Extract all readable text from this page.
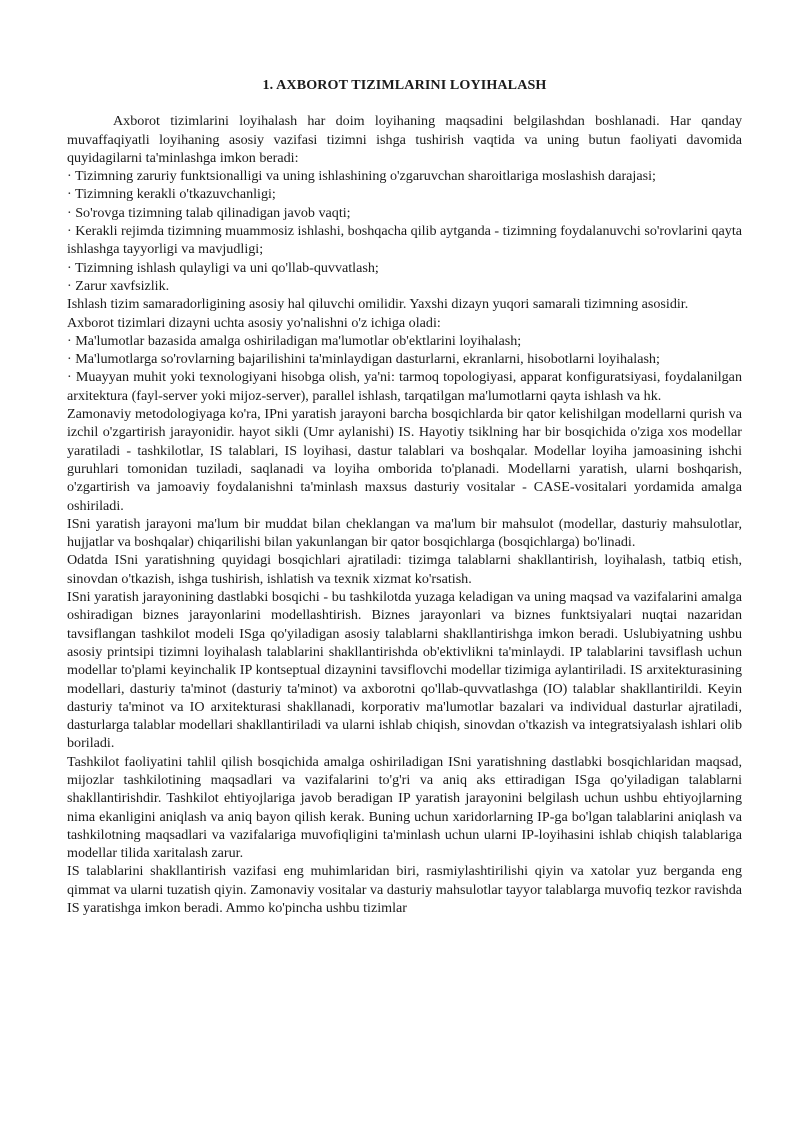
1. AXBOROT TIZIMLARINI LOYIHALASH

Axborot tizimlarini loyihalash har doim loyihaning maqsadini belgilashdan boshlanadi. Har qanday muvaffaqiyatli loyihaning asosiy vazifasi tizimni ishga tushirish vaqtida va uning butun faoliyati davomida quyidagilarni ta'minlashga imkon beradi:

· Tizimning zaruriy funktsionalligi va uning ishlashining o'zgaruvchan sharoitlariga moslashish darajasi;

· Tizimning kerakli o'tkazuvchanligi;

· So'rovga tizimning talab qilinadigan javob vaqti;

· Kerakli rejimda tizimning muammosiz ishlashi, boshqacha qilib aytganda - tizimning foydalanuvchi so'rovlarini qayta ishlashga tayyorligi va mavjudligi;

· Tizimning ishlash qulayligi va uni qo'llab-quvvatlash;

· Zarur xavfsizlik.

Ishlash tizim samaradorligining asosiy hal qiluvchi omilidir. Yaxshi dizayn yuqori samarali tizimning asosidir.

Axborot tizimlari dizayni uchta asosiy yo'nalishni o'z ichiga oladi:

· Ma'lumotlar bazasida amalga oshiriladigan ma'lumotlar ob'ektlarini loyihalash;

· Ma'lumotlarga so'rovlarning bajarilishini ta'minlaydigan dasturlarni, ekranlarni, hisobotlarni loyihalash;

· Muayyan muhit yoki texnologiyani hisobga olish, ya'ni: tarmoq topologiyasi, apparat konfiguratsiyasi, foydalanilgan arxitektura (fayl-server yoki mijoz-server), parallel ishlash, tarqatilgan ma'lumotlarni qayta ishlash va hk.

Zamonaviy metodologiyaga ko'ra, IPni yaratish jarayoni barcha bosqichlarda bir qator kelishilgan modellarni qurish va izchil o'zgartirish jarayonidir. hayot sikli (Umr aylanishi) IS. Hayotiy tsiklning har bir bosqichida o'ziga xos modellar yaratiladi - tashkilotlar, IS talablari, IS loyihasi, dastur talablari va boshqalar. Modellar loyiha jamoasining ishchi guruhlari tomonidan tuziladi, saqlanadi va loyiha omborida to'planadi. Modellarni yaratish, ularni boshqarish, o'zgartirish va jamoaviy foydalanishni ta'minlash maxsus dasturiy vositalar - CASE-vositalari yordamida amalga oshiriladi.

ISni yaratish jarayoni ma'lum bir muddat bilan cheklangan va ma'lum bir mahsulot (modellar, dasturiy mahsulotlar, hujjatlar va boshqalar) chiqarilishi bilan yakunlangan bir qator bosqichlarga (bosqichlarga) bo'linadi.

Odatda ISni yaratishning quyidagi bosqichlari ajratiladi: tizimga talablarni shakllantirish, loyihalash, tatbiq etish, sinovdan o'tkazish, ishga tushirish, ishlatish va texnik xizmat ko'rsatish.

ISni yaratish jarayonining dastlabki bosqichi - bu tashkilotda yuzaga keladigan va uning maqsad va vazifalarini amalga oshiradigan biznes jarayonlarini modellashtirish. Biznes jarayonlari va biznes funktsiyalari nuqtai nazaridan tavsiflangan tashkilot modeli ISga qo'yiladigan asosiy talablarni shakllantirishga imkon beradi. Uslubiyatning ushbu asosiy printsipi tizimni loyihalash talablarini shakllantirishda ob'ektivlikni ta'minlaydi. IP talablarini tavsiflash uchun modellar to'plami keyinchalik IP kontseptual dizaynini tavsiflovchi modellar tizimiga aylantiriladi. IS arxitekturasining modellari, dasturiy ta'minot (dasturiy ta'minot) va axborotni qo'llab-quvvatlashga (IO) talablar shakllantirildi. Keyin dasturiy ta'minot va IO arxitekturasi shakllanadi, korporativ ma'lumotlar bazalari va individual dasturlar ajratiladi, dasturlarga talablar modellari shakllantiriladi va ularni ishlab chiqish, sinovdan o'tkazish va integratsiyalash ishlari olib boriladi.

Tashkilot faoliyatini tahlil qilish bosqichida amalga oshiriladigan ISni yaratishning dastlabki bosqichlaridan maqsad, mijozlar tashkilotining maqsadlari va vazifalarini to'g'ri va aniq aks ettiradigan ISga qo'yiladigan talablarni shakllantirishdir. Tashkilot ehtiyojlariga javob beradigan IP yaratish jarayonini belgilash uchun ushbu ehtiyojlarning nima ekanligini aniqlash va aniq bayon qilish kerak. Buning uchun xaridorlarning IP-ga bo'lgan talablarini aniqlash va tashkilotning maqsadlari va vazifalariga muvofiqligini ta'minlash uchun ularni IP-loyihasini ishlab chiqish talablariga modellar tilida xaritalash zarur.

IS talablarini shakllantirish vazifasi eng muhimlaridan biri, rasmiylashtirilishi qiyin va xatolar yuz berganda eng qimmat va ularni tuzatish qiyin. Zamonaviy vositalar va dasturiy mahsulotlar tayyor talablarga muvofiq tezkor ravishda IS yaratishga imkon beradi. Ammo ko'pincha ushbu tizimlar
